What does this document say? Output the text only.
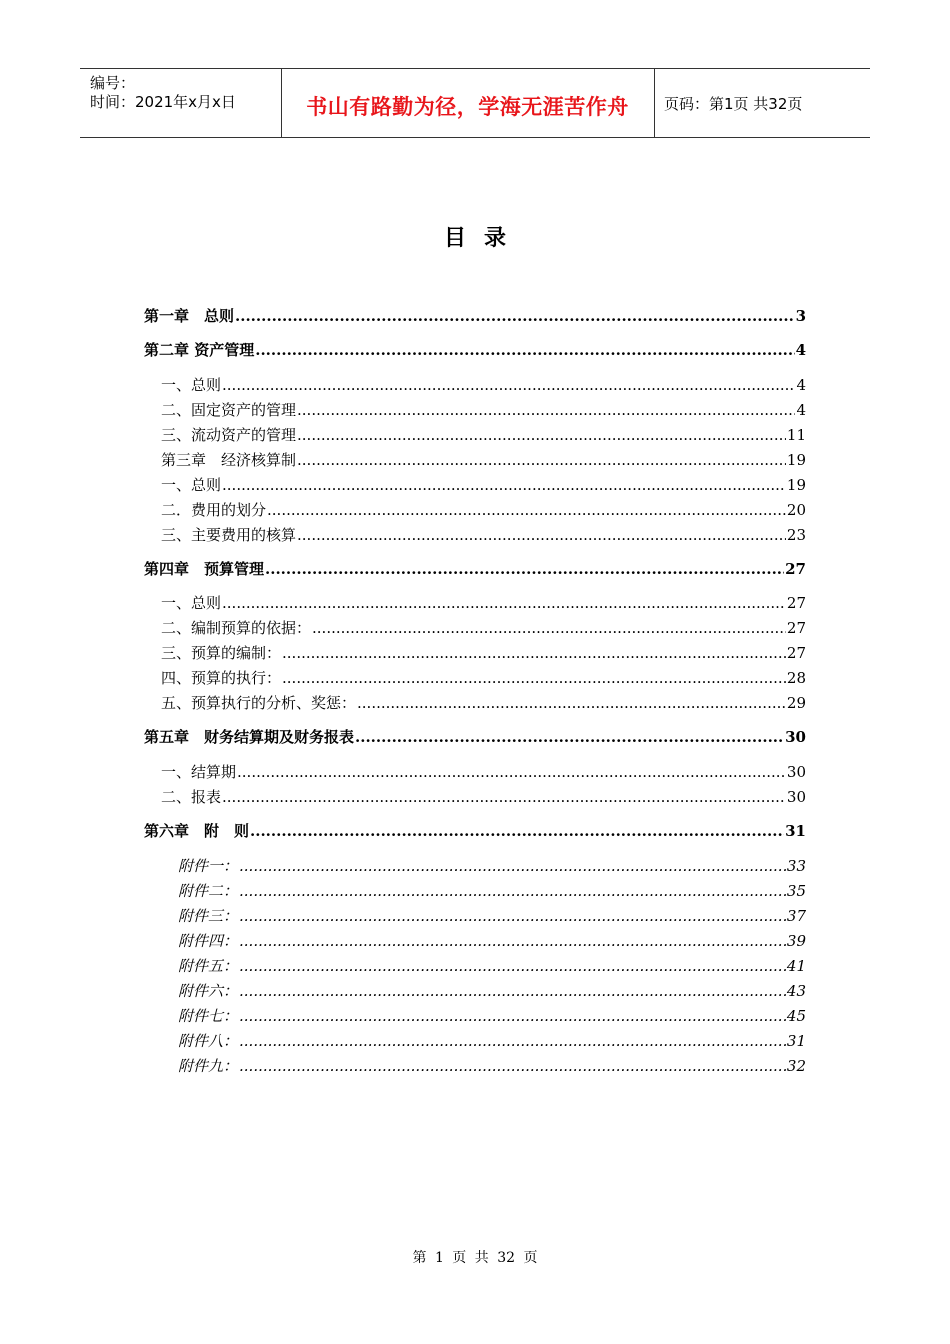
编号：
时间：2021年x月x日	书山有路勤为径，学海无涯苦作舟	页码：第1页 共32页
目录
第一章　总则 .....	3
第二章 资产管理 .....	4
一、总则 .....	4
二、固定资产的管理 .....	4
三、流动资产的管理 .....	11
第三章　经济核算制 .....	19
一、总则 .....	19
二．费用的划分 .....	20
三、主要费用的核算 .....	23
第四章　预算管理 .....	27
一、总则 .....	27
二、编制预算的依据： .....	27
三、预算的编制： .....	27
四、预算的执行： .....	28
五、预算执行的分析、奖惩： .....	29
第五章　财务结算期及财务报表 .....	30
一、结算期 .....	30
二、报表 .....	30
第六章　附　则 .....	31
附件一： .....	33
附件二： .....	35
附件三： .....	37
附件四： .....	39
附件五： .....	41
附件六： .....	43
附件七： .....	45
附件八： .....	31
附件九： .....	32
第 1 页 共 32 页
